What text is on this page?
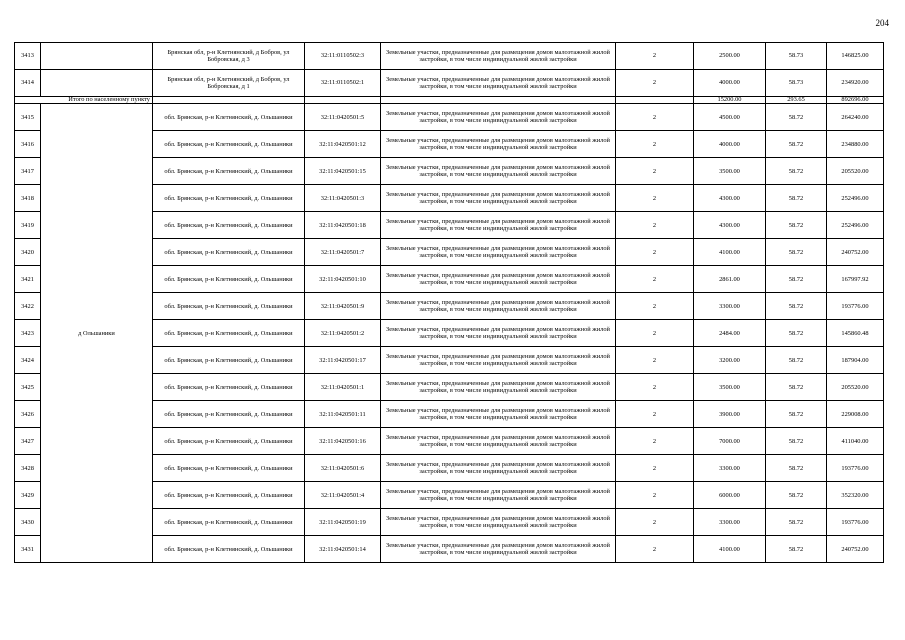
204
3413		Брянская обл, р-н Клетнянский, д Бобров, ул Бобровская, д 3	32:11:0110502:3	Земельные участки, предназначенные для размещения домов малоэтажной жилой застройки, в том числе индивидуальной жилой застройки	2	2500.00	58.73	146825.00
3414		Брянская обл, р-н Клетнянский, д Бобров, ул Бобровская, д 1	32:11:0110502:1	Земельные участки, предназначенные для размещения домов малоэтажной жилой застройки, в том числе индивидуальной жилой застройки	2	4000.00	58.73	234920.00
Итого по населенному пункту						15200.00	293.65	892696.00
3415	д Ольшаники	обл. Брянская, р-н Клетнянский, д. Ольшаники	32:11:0420501:5	Земельные участки, предназначенные для размещения домов малоэтажной жилой застройки, в том числе индивидуальной жилой застройки	2	4500.00	58.72	264240.00
3416		обл. Брянская, р-н Клетнянский, д. Ольшаники	32:11:0420501:12	Земельные участки, предназначенные для размещения домов малоэтажной жилой застройки, в том числе индивидуальной жилой застройки	2	4000.00	58.72	234880.00
3417		обл. Брянская, р-н Клетнянский, д. Ольшаники	32:11:0420501:15	Земельные участки, предназначенные для размещения домов малоэтажной жилой застройки, в том числе индивидуальной жилой застройки	2	3500.00	58.72	205520.00
3418		обл. Брянская, р-н Клетнянский, д. Ольшаники	32:11:0420501:3	Земельные участки, предназначенные для размещения домов малоэтажной жилой застройки, в том числе индивидуальной жилой застройки	2	4300.00	58.72	252496.00
3419		обл. Брянская, р-н Клетнянский, д. Ольшаники	32:11:0420501:18	Земельные участки, предназначенные для размещения домов малоэтажной жилой застройки, в том числе индивидуальной жилой застройки	2	4300.00	58.72	252496.00
3420		обл. Брянская, р-н Клетнянский, д. Ольшаники	32:11:0420501:7	Земельные участки, предназначенные для размещения домов малоэтажной жилой застройки, в том числе индивидуальной жилой застройки	2	4100.00	58.72	240752.00
3421		обл. Брянская, р-н Клетнянский, д. Ольшаники	32:11:0420501:10	Земельные участки, предназначенные для размещения домов малоэтажной жилой застройки, в том числе индивидуальной жилой застройки	2	2861.00	58.72	167997.92
3422		обл. Брянская, р-н Клетнянский, д. Ольшаники	32:11:0420501:9	Земельные участки, предназначенные для размещения домов малоэтажной жилой застройки, в том числе индивидуальной жилой застройки	2	3300.00	58.72	193776.00
3423		обл. Брянская, р-н Клетнянский, д. Ольшаники	32:11:0420501:2	Земельные участки, предназначенные для размещения домов малоэтажной жилой застройки, в том числе индивидуальной жилой застройки	2	2484.00	58.72	145860.48
3424		обл. Брянская, р-н Клетнянский, д. Ольшаники	32:11:0420501:17	Земельные участки, предназначенные для размещения домов малоэтажной жилой застройки, в том числе индивидуальной жилой застройки	2	3200.00	58.72	187904.00
3425		обл. Брянская, р-н Клетнянский, д. Ольшаники	32:11:0420501:1	Земельные участки, предназначенные для размещения домов малоэтажной жилой застройки, в том числе индивидуальной жилой застройки	2	3500.00	58.72	205520.00
3426		обл. Брянская, р-н Клетнянский, д. Ольшаники	32:11:0420501:11	Земельные участки, предназначенные для размещения домов малоэтажной жилой застройки, в том числе индивидуальной жилой застройки	2	3900.00	58.72	229008.00
3427		обл. Брянская, р-н Клетнянский, д. Ольшаники	32:11:0420501:16	Земельные участки, предназначенные для размещения домов малоэтажной жилой застройки, в том числе индивидуальной жилой застройки	2	7000.00	58.72	411040.00
3428		обл. Брянская, р-н Клетнянский, д. Ольшаники	32:11:0420501:6	Земельные участки, предназначенные для размещения домов малоэтажной жилой застройки, в том числе индивидуальной жилой застройки	2	3300.00	58.72	193776.00
3429		обл. Брянская, р-н Клетнянский, д. Ольшаники	32:11:0420501:4	Земельные участки, предназначенные для размещения домов малоэтажной жилой застройки, в том числе индивидуальной жилой застройки	2	6000.00	58.72	352320.00
3430		обл. Брянская, р-н Клетнянский, д. Ольшаники	32:11:0420501:19	Земельные участки, предназначенные для размещения домов малоэтажной жилой застройки, в том числе индивидуальной жилой застройки	2	3300.00	58.72	193776.00
3431		обл. Брянская, р-н Клетнянский, д. Ольшаники	32:11:0420501:14	Земельные участки, предназначенные для размещения домов малоэтажной жилой застройки, в том числе индивидуальной жилой застройки	2	4100.00	58.72	240752.00
